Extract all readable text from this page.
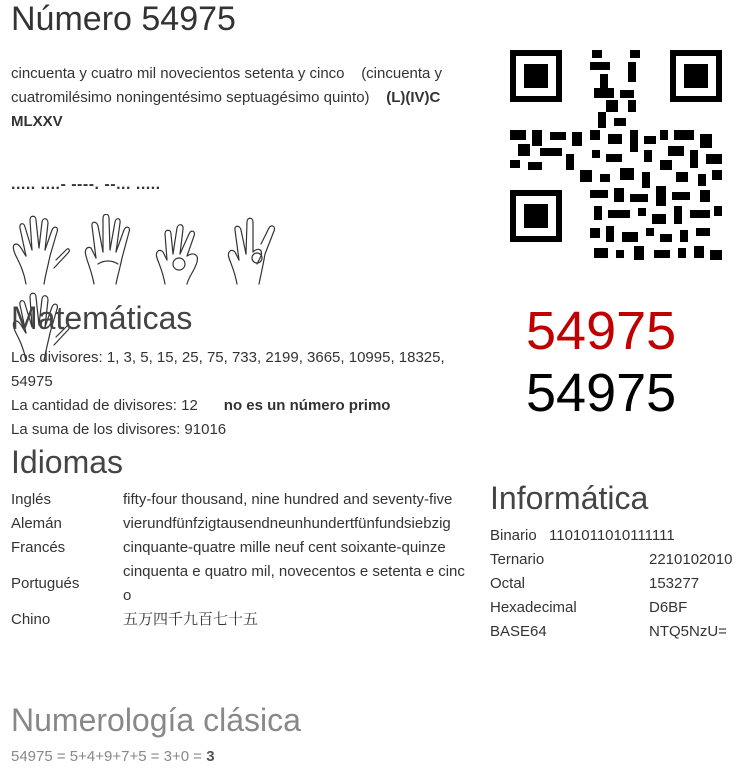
Número 54975
cincuenta y cuatro mil novecientos setenta y cinco (cincuenta y cuatromilésimo noningentésimo septuagésimo quinto) (L)(IV)C MLXXV
..... ....- ----. --... .....

54975
54975
Matemáticas
Los divisores: 1, 3, 5, 15, 25, 75, 733, 2199, 3665, 10995, 18325, 54975
La cantidad de divisores: 12 no es un número primo
La suma de los divisores: 91016
Idiomas
Inglés	fifty-four thousand, nine hundred and seventy-five
Alemán	vierundfünfzigtausendneunhundertfünfundsiebzig
Francés	cinquante-quatre mille neuf cent soixante-quinze
Portugués	cinquenta e quatro mil, novecentos e setenta e cinco
Chino	五万四千九百七十五
Informática
Binario 1101011010111111
Ternario	2210102010
Octal	153277
Hexadecimal	D6BF
BASE64	NTQ5NzU=
Numerología clásica
54975 = 5+4+9+7+5 = 3+0 = 3
